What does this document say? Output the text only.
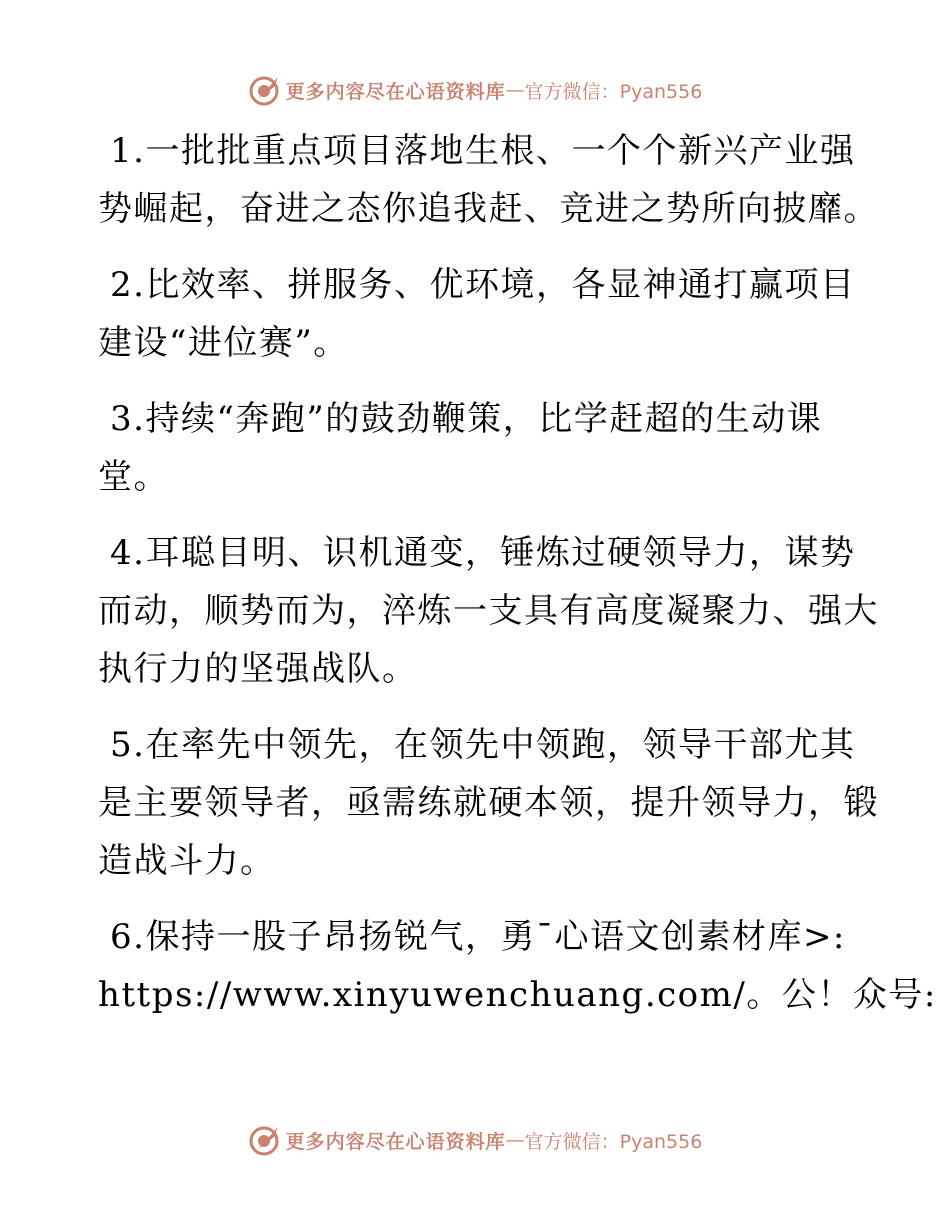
更多内容尽在心语资料库 — 官方微信：Pyan556
1.一批批重点项目落地生根、一个个新兴产业强
势崛起，奋进之态你追我赶、竞进之势所向披靡。
2.比效率、拼服务、优环境，各显神通打赢项目
建设“进位赛”。
3.持续“奔跑”的鼓劲鞭策，比学赶超的生动课
堂。
4.耳聪目明、识机通变，锤炼过硬领导力，谋势
而动，顺势而为，淬炼一支具有高度凝聚力、强大
执行力的坚强战队。
5.在率先中领先，在领先中领跑，领导干部尤其
是主要领导者，亟需练就硬本领，提升领导力，锻
造战斗力。
6.保持一股子昂扬锐气，勇¯心语文创素材库>:
https://www.xinyuwenchuang.com/。公！众号:
更多内容尽在心语资料库 — 官方微信：Pyan556
